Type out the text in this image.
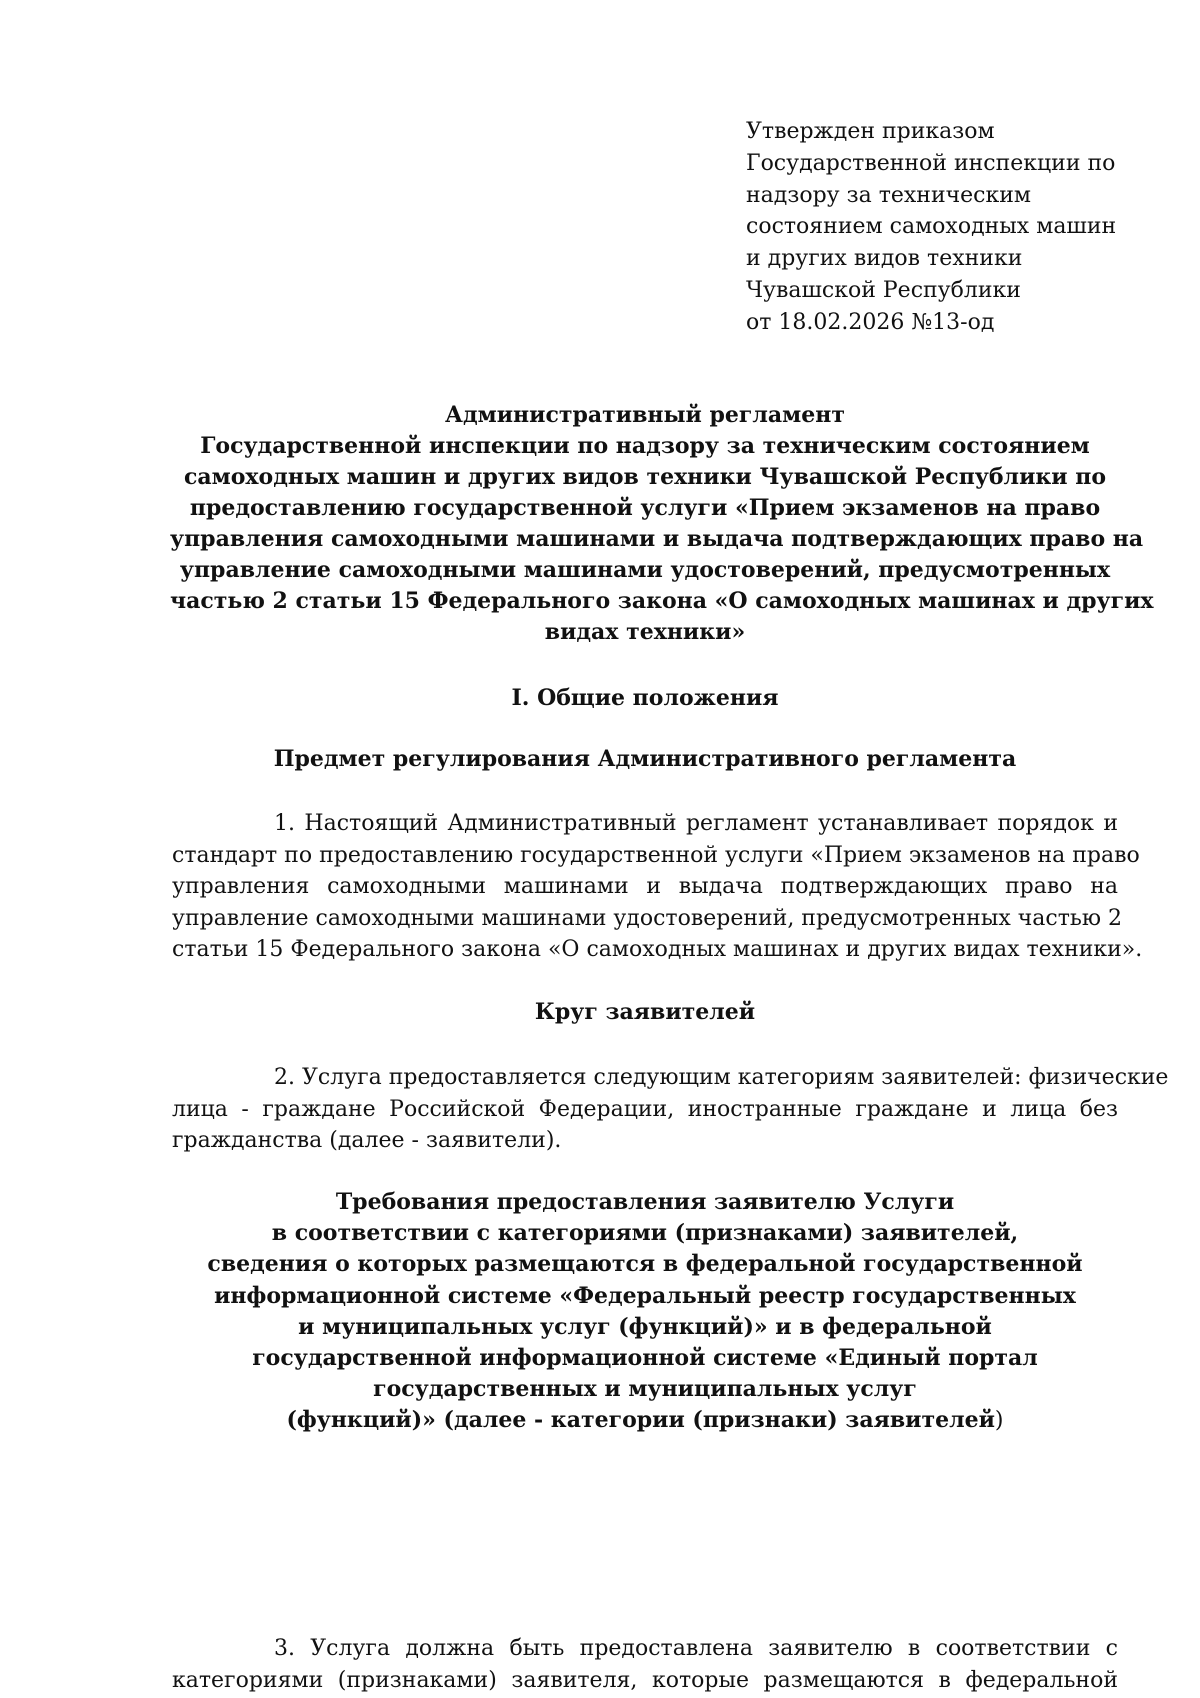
Утвержден приказом
Государственной инспекции по
надзору за техническим
состоянием самоходных машин
и других видов техники
Чувашской Республики
от 18.02.2026 №13-од
Административный регламент
Государственной инспекции по надзору за техническим состоянием
самоходных машин и других видов техники Чувашской Республики по
предоставлению государственной услуги «Прием экзаменов на право
управления самоходными машинами и выдача подтверждающих право на
управление самоходными машинами удостоверений, предусмотренных
частью 2 статьи 15 Федерального закона «О самоходных машинах и других
видах техники»
I. Общие положения
Предмет регулирования Административного регламента
1. Настоящий Административный регламент устанавливает порядок и
стандарт по предоставлению государственной услуги «Прием экзаменов на право
управления самоходными машинами и выдача подтверждающих право на
управление самоходными машинами удостоверений, предусмотренных частью 2
статьи 15 Федерального закона «О самоходных машинах и других видах техники».
Круг заявителей
2. Услуга предоставляется следующим категориям заявителей: физические
лица - граждане Российской Федерации, иностранные граждане и лица без
гражданства (далее - заявители).
Требования предоставления заявителю Услуги
в соответствии с категориями (признаками) заявителей,
сведения о которых размещаются в федеральной государственной
информационной системе «Федеральный реестр государственных
и муниципальных услуг (функций)» и в федеральной
государственной информационной системе «Единый портал
государственных и муниципальных услуг
(функций)» (далее - категории (признаки) заявителей)
3. Услуга должна быть предоставлена заявителю в соответствии с
категориями (признаками) заявителя, которые размещаются в федеральной
